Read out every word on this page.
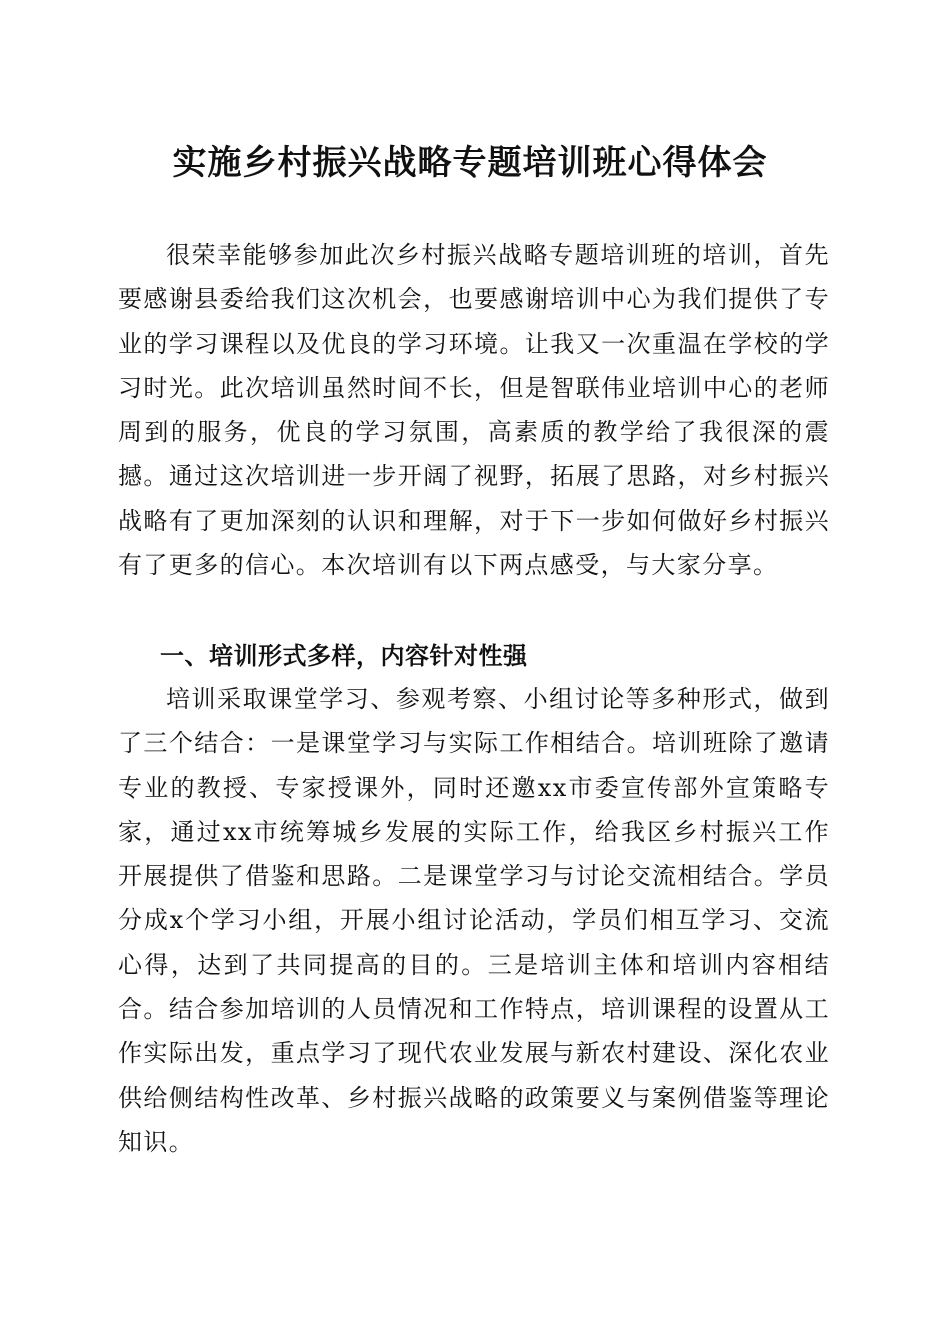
实施乡村振兴战略专题培训班心得体会

很荣幸能够参加此次乡村振兴战略专题培训班的培训，首先要感谢县委给我们这次机会，也要感谢培训中心为我们提供了专业的学习课程以及优良的学习环境。让我又一次重温在学校的学习时光。此次培训虽然时间不长，但是智联伟业培训中心的老师周到的服务，优良的学习氛围，高素质的教学给了我很深的震撼。通过这次培训进一步开阔了视野，拓展了思路，对乡村振兴战略有了更加深刻的认识和理解，对于下一步如何做好乡村振兴有了更多的信心。本次培训有以下两点感受，与大家分享。

一、培训形式多样，内容针对性强

培训采取课堂学习、参观考察、小组讨论等多种形式，做到了三个结合：一是课堂学习与实际工作相结合。培训班除了邀请专业的教授、专家授课外，同时还邀xx市委宣传部外宣策略专家，通过xx市统筹城乡发展的实际工作，给我区乡村振兴工作开展提供了借鉴和思路。二是课堂学习与讨论交流相结合。学员分成x个学习小组，开展小组讨论活动，学员们相互学习、交流心得，达到了共同提高的目的。三是培训主体和培训内容相结合。结合参加培训的人员情况和工作特点，培训课程的设置从工作实际出发，重点学习了现代农业发展与新农村建设、深化农业供给侧结构性改革、乡村振兴战略的政策要义与案例借鉴等理论知识。
